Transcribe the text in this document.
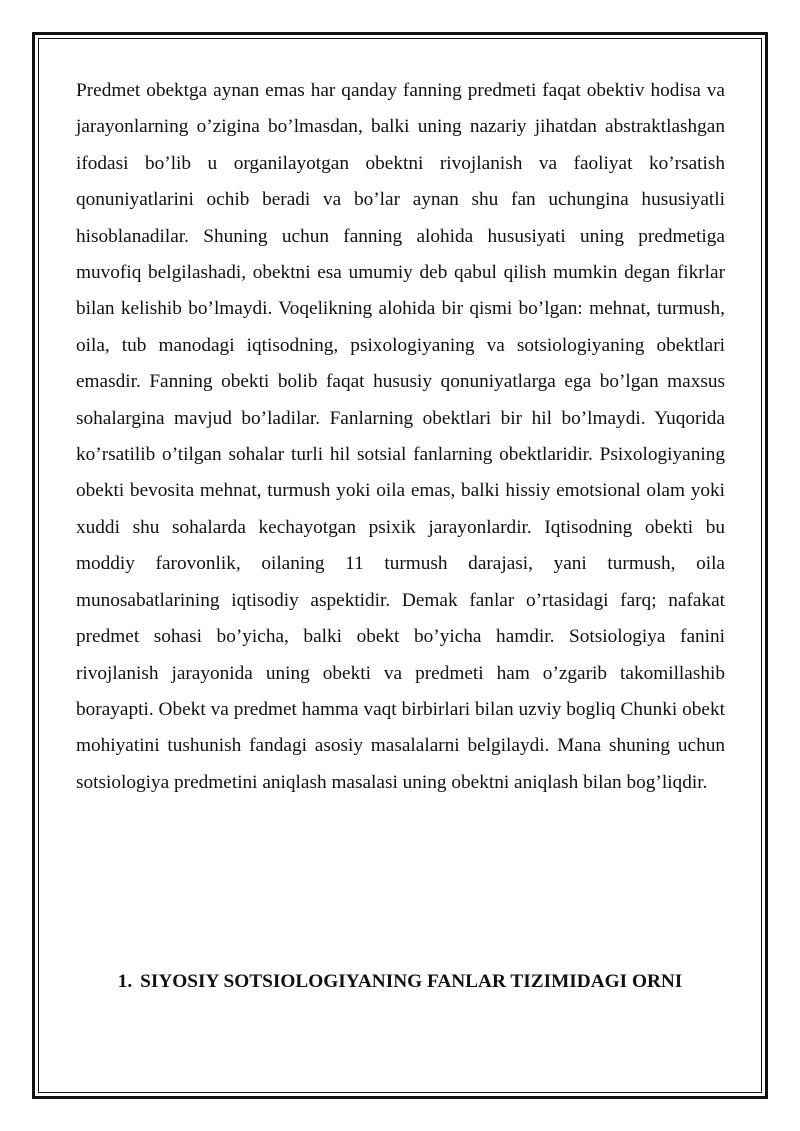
Predmet obektga aynan emas har qanday fanning predmeti faqat obektiv hodisa va jarayonlarning o’zigina bo’lmasdan, balki uning nazariy jihatdan abstraktlashgan ifodasi bo’lib u organilayotgan obektni rivojlanish va faoliyat ko’rsatish qonuniyatlarini ochib beradi va bo’lar aynan shu fan uchungina hususiyatli hisoblanadilar. Shuning uchun fanning alohida hususiyati uning predmetiga muvofiq belgilashadi, obektni esa umumiy deb qabul qilish mumkin degan fikrlar bilan kelishib bo’lmaydi. Voqelikning alohida bir qismi bo’lgan: mehnat, turmush, oila, tub manodagi iqtisodning, psixologiyaning va sotsiologiyaning obektlari emasdir. Fanning obekti bolib faqat hususiy qonuniyatlarga ega bo’lgan maxsus sohalargina mavjud bo’ladilar. Fanlarning obektlari bir hil bo’lmaydi. Yuqorida ko’rsatilib o’tilgan sohalar turli hil sotsial fanlarning obektlaridir. Psixologiyaning obekti bevosita mehnat, turmush yoki oila emas, balki hissiy emotsional olam yoki xuddi shu sohalarda kechayotgan psixik jarayonlardir. Iqtisodning obekti bu moddiy farovonlik, oilaning 11 turmush darajasi, yani turmush, oila munosabatlarining iqtisodiy aspektidir. Demak fanlar o’rtasidagi farq; nafakat predmet sohasi bo’yicha, balki obekt bo’yicha hamdir. Sotsiologiya fanini rivojlanish jarayonida uning obekti va predmeti ham o’zgarib takomillashib borayapti. Obekt va predmet hamma vaqt birbirlari bilan uzviy bogliq Chunki obekt mohiyatini tushunish fandagi asosiy masalalarni belgilaydi. Mana shuning uchun sotsiologiya predmetini aniqlash masalasi uning obektni aniqlash bilan bog’liqdir.

1. SIYOSIY SOTSIOLOGIYANING FANLAR TIZIMIDAGI ORNI
